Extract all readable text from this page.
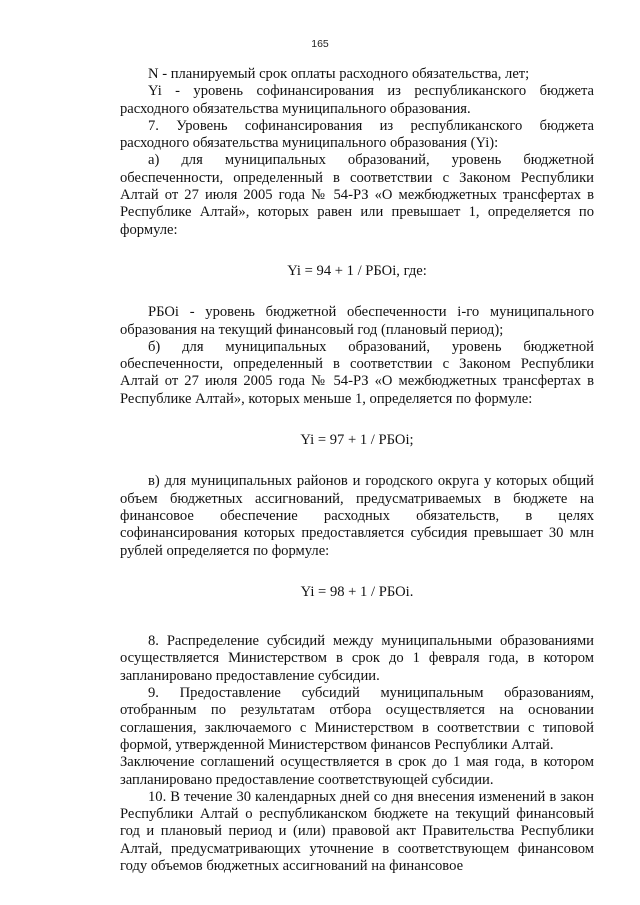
165

N - планируемый срок оплаты расходного обязательства, лет;

Yi - уровень софинансирования из республиканского бюджета расходного обязательства муниципального образования.

7. Уровень софинансирования из республиканского бюджета расходного обязательства муниципального образования (Yi):

а) для муниципальных образований, уровень бюджетной обеспеченности, определенный в соответствии с Законом Республики Алтай от 27 июля 2005 года № 54-РЗ «О межбюджетных трансфертах в Республике Алтай», которых равен или превышает 1, определяется по формуле:

Yi = 94 + 1 / РБОi, где:

РБОi - уровень бюджетной обеспеченности i-го муниципального образования на текущий финансовый год (плановый период);

б) для муниципальных образований, уровень бюджетной обеспеченности, определенный в соответствии с Законом Республики Алтай от 27 июля 2005 года № 54-РЗ «О межбюджетных трансфертах в Республике Алтай», которых меньше 1, определяется по формуле:

Yi = 97 + 1 / РБОi;

в) для муниципальных районов и городского округа у которых общий объем бюджетных ассигнований, предусматриваемых в бюджете на финансовое обеспечение расходных обязательств, в целях софинансирования которых предоставляется субсидия превышает 30 млн рублей определяется по формуле:

Yi = 98 + 1 / РБОi.

8. Распределение субсидий между муниципальными образованиями осуществляется Министерством в срок до 1 февраля года, в котором запланировано предоставление субсидии.

9. Предоставление субсидий муниципальным образованиям, отобранным по результатам отбора осуществляется на основании соглашения, заключаемого с Министерством в соответствии с типовой формой, утвержденной Министерством финансов Республики Алтай.

Заключение соглашений осуществляется в срок до 1 мая года, в котором запланировано предоставление соответствующей субсидии.

10. В течение 30 календарных дней со дня внесения изменений в закон Республики Алтай о республиканском бюджете на текущий финансовый год и плановый период и (или) правовой акт Правительства Республики Алтай, предусматривающих уточнение в соответствующем финансовом году объемов бюджетных ассигнований на финансовое
